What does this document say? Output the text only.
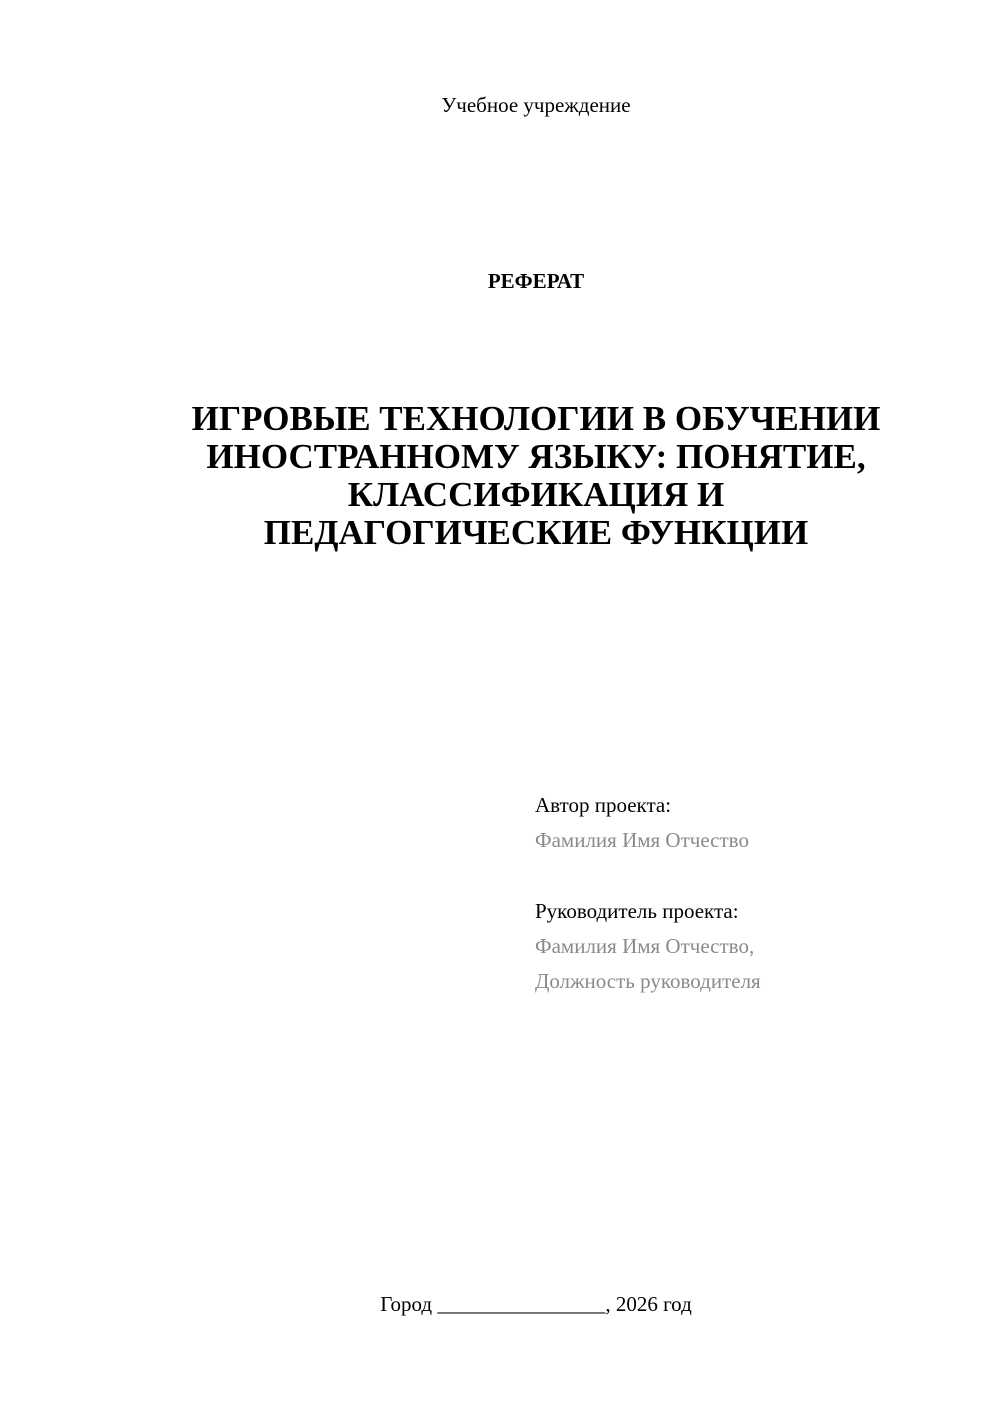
Учебное учреждение
РЕФЕРАТ
ИГРОВЫЕ ТЕХНОЛОГИИ В ОБУЧЕНИИ
ИНОСТРАННОМУ ЯЗЫКУ: ПОНЯТИЕ,
КЛАССИФИКАЦИЯ И
ПЕДАГОГИЧЕСКИЕ ФУНКЦИИ
Автор проекта:
Фамилия Имя Отчество
Руководитель проекта:
Фамилия Имя Отчество,
Должность руководителя
Город ________________, 2026 год
